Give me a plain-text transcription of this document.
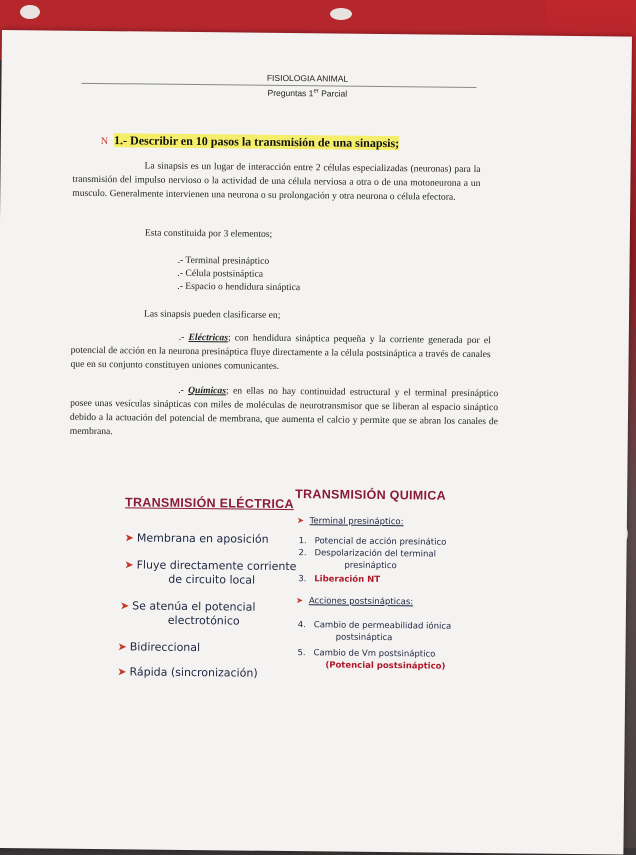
FISIOLOGIA ANIMAL
Preguntas 1er Parcial
N 1.- Describir en 10 pasos la transmisión de una sinapsis;
La sinapsis es un lugar de interacción entre 2 células especializadas (neuronas) para la transmisión del impulso nervioso o la actividad de una célula nerviosa a otra o de una motoneurona a un musculo. Generalmente intervienen una neurona o su prolongación y otra neurona o célula efectora.
Esta constituida por 3 elementos;
.- Terminal presináptico
.- Célula postsináptica
.- Espacio o hendidura sináptica
Las sinapsis pueden clasificarse en;
.- Eléctricas; con hendidura sináptica pequeña y la corriente generada por el potencial de acción en la neurona presináptica fluye directamente a la célula postsináptica a través de canales que en su conjunto constituyen uniones comunicantes.
.- Químicas; en ellas no hay continuidad estructural y el terminal presináptico posee unas vesículas sinápticas con miles de moléculas de neurotransmisor que se liberan al espacio sináptico debido a la actuación del potencial de membrana, que aumenta el calcio y permite que se abran los canales de membrana.
TRANSMISIÓN ELÉCTRICA
TRANSMISIÓN QUIMICA
➤ Membrana en aposición
➤ Fluye directamente corriente
de circuito local
➤ Se atenúa el potencial
electrotónico
➤ Bidireccional
➤ Rápida (sincronización)
➤ Terminal presináptico:
1. Potencial de acción presinático
2. Despolarización del terminal
presináptico
3. Liberación NT
➤ Acciones postsinápticas:
4. Cambio de permeabilidad iónica
postsináptica
5. Cambio de Vm postsináptico
(Potencial postsináptico)
